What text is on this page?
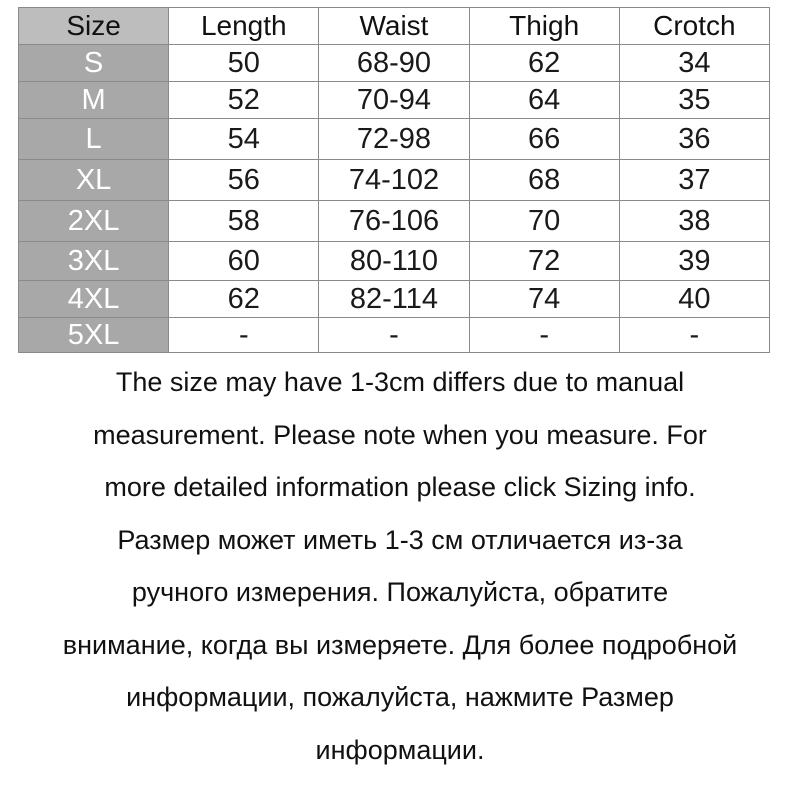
Size	Length	Waist	Thigh	Crotch
S	50	68-90	62	34
M	52	70-94	64	35
L	54	72-98	66	36
XL	56	74-102	68	37
2XL	58	76-106	70	38
3XL	60	80-110	72	39
4XL	62	82-114	74	40
5XL	-	-	-	-

The size may have 1-3cm differs due to manual

measurement. Please note when you measure. For

more detailed information please click Sizing info.

Размер может иметь 1-3 см отличается из-за

ручного измерения. Пожалуйста, обратите

внимание, когда вы измеряете. Для более подробной

информации, пожалуйста, нажмите Размер

информации.
